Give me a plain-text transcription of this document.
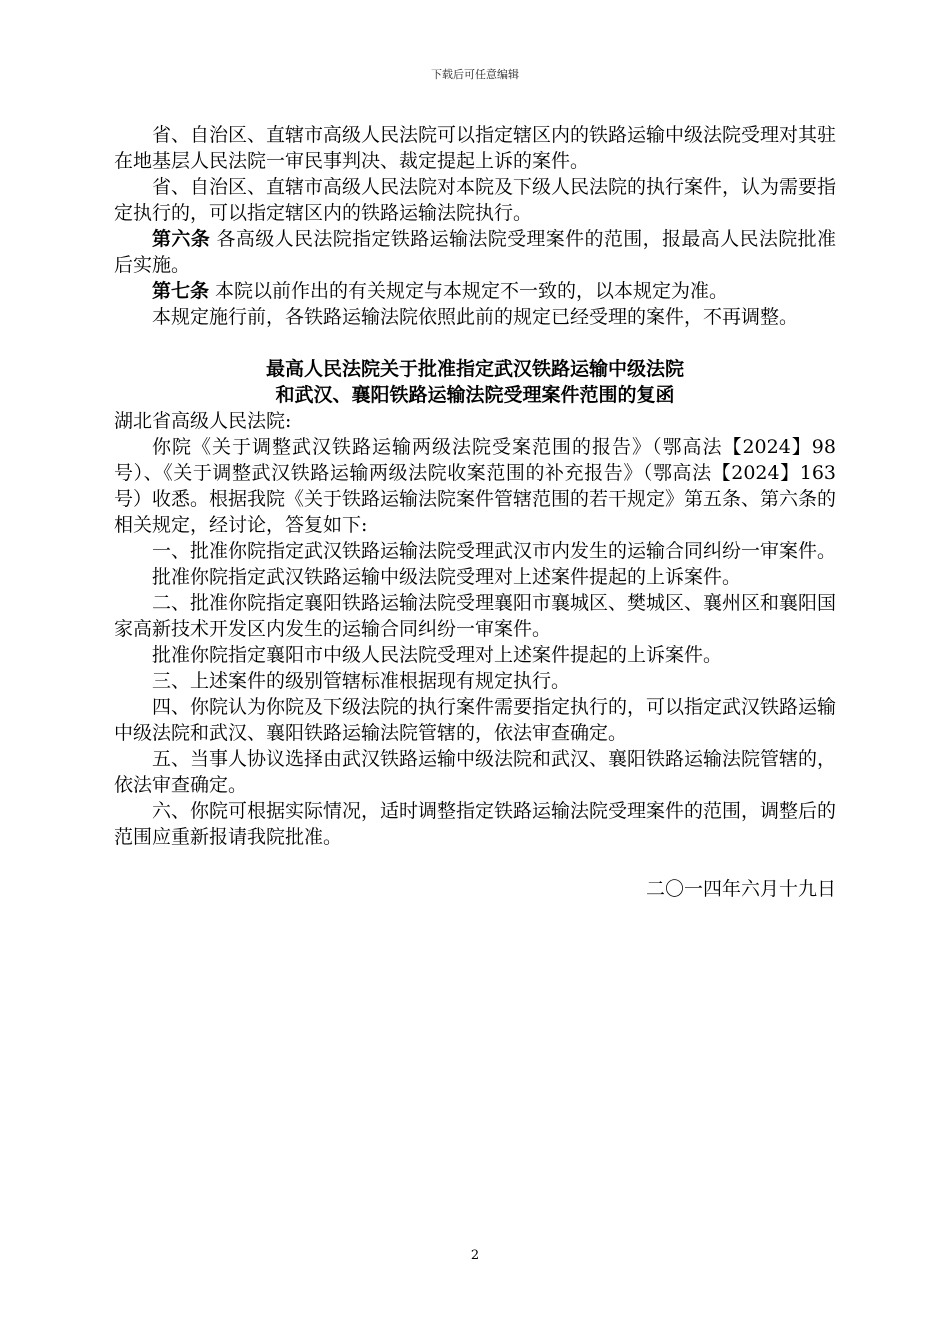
下载后可任意编辑

省、自治区、直辖市高级人民法院可以指定辖区内的铁路运输中级法院受理对其驻在地基层人民法院一审民事判决、裁定提起上诉的案件。

省、自治区、直辖市高级人民法院对本院及下级人民法院的执行案件，认为需要指定执行的，可以指定辖区内的铁路运输法院执行。

第六条 各高级人民法院指定铁路运输法院受理案件的范围，报最高人民法院批准后实施。

第七条 本院以前作出的有关规定与本规定不一致的，以本规定为准。

本规定施行前，各铁路运输法院依照此前的规定已经受理的案件，不再调整。

最高人民法院关于批准指定武汉铁路运输中级法院

和武汉、襄阳铁路运输法院受理案件范围的复函

湖北省高级人民法院:

你院《关于调整武汉铁路运输两级法院受案范围的报告》（鄂高法【2024】98号）、《关于调整武汉铁路运输两级法院收案范围的补充报告》（鄂高法【2024】163号）收悉。根据我院《关于铁路运输法院案件管辖范围的若干规定》第五条、第六条的相关规定，经讨论，答复如下:

一、批准你院指定武汉铁路运输法院受理武汉市内发生的运输合同纠纷一审案件。

批准你院指定武汉铁路运输中级法院受理对上述案件提起的上诉案件。

二、批准你院指定襄阳铁路运输法院受理襄阳市襄城区、樊城区、襄州区和襄阳国家高新技术开发区内发生的运输合同纠纷一审案件。

批准你院指定襄阳市中级人民法院受理对上述案件提起的上诉案件。

三、上述案件的级别管辖标准根据现有规定执行。

四、你院认为你院及下级法院的执行案件需要指定执行的，可以指定武汉铁路运输中级法院和武汉、襄阳铁路运输法院管辖的，依法审查确定。

五、当事人协议选择由武汉铁路运输中级法院和武汉、襄阳铁路运输法院管辖的，依法审查确定。

六、你院可根据实际情况，适时调整指定铁路运输法院受理案件的范围，调整后的范围应重新报请我院批准。

二〇一四年六月十九日

2
